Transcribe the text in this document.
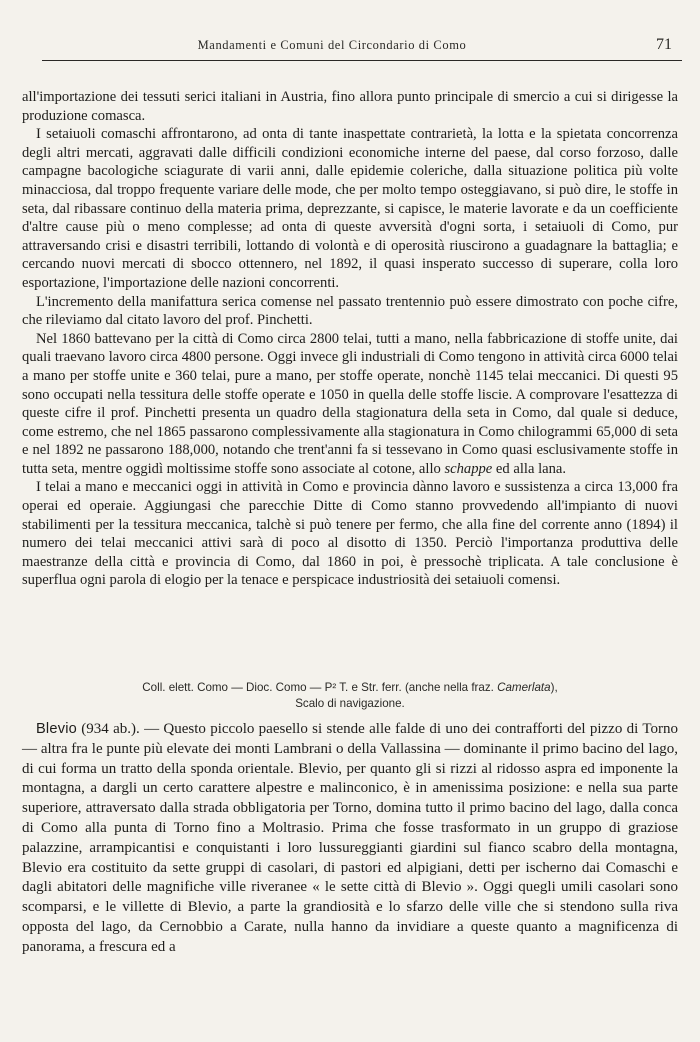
Mandamenti e Comuni del Circondario di Como	71

all'importazione dei tessuti serici italiani in Austria, fino allora punto principale di smercio a cui si dirigesse la produzione comasca.

I setaiuoli comaschi affrontarono, ad onta di tante inaspettate contrarietà, la lotta e la spietata concorrenza degli altri mercati, aggravati dalle difficili condizioni economiche interne del paese, dal corso forzoso, dalle campagne bacologiche sciagurate di varii anni, dalle epidemie coleriche, dalla situazione politica più volte minacciosa, dal troppo frequente variare delle mode, che per molto tempo osteggiavano, si può dire, le stoffe in seta, dal ribassare continuo della materia prima, deprezzante, si capisce, le materie lavorate e da un coefficiente d'altre cause più o meno complesse; ad onta di queste avversità d'ogni sorta, i setaiuoli di Como, pur attraversando crisi e disastri terribili, lottando di volontà e di operosità riuscirono a guadagnare la battaglia; e cercando nuovi mercati di sbocco ottennero, nel 1892, il quasi insperato successo di superare, colla loro esportazione, l'importazione delle nazioni concorrenti.

L'incremento della manifattura serica comense nel passato trentennio può essere dimostrato con poche cifre, che rileviamo dal citato lavoro del prof. Pinchetti.

Nel 1860 battevano per la città di Como circa 2800 telai, tutti a mano, nella fabbricazione di stoffe unite, dai quali traevano lavoro circa 4800 persone. Oggi invece gli industriali di Como tengono in attività circa 6000 telai a mano per stoffe unite e 360 telai, pure a mano, per stoffe operate, nonchè 1145 telai meccanici. Di questi 95 sono occupati nella tessitura delle stoffe operate e 1050 in quella delle stoffe liscie. A comprovare l'esattezza di queste cifre il prof. Pinchetti presenta un quadro della stagionatura della seta in Como, dal quale si deduce, come estremo, che nel 1865 passarono complessivamente alla stagionatura in Como chilogrammi 65,000 di seta e nel 1892 ne passarono 188,000, notando che trent'anni fa si tessevano in Como quasi esclusivamente stoffe in tutta seta, mentre oggidì moltissime stoffe sono associate al cotone, allo schappe ed alla lana.

I telai a mano e meccanici oggi in attività in Como e provincia dànno lavoro e sussistenza a circa 13,000 fra operai ed operaie. Aggiungasi che parecchie Ditte di Como stanno provvedendo all'impianto di nuovi stabilimenti per la tessitura meccanica, talchè si può tenere per fermo, che alla fine del corrente anno (1894) il numero dei telai meccanici attivi sarà di poco al disotto di 1350. Perciò l'importanza produttiva delle maestranze della città e provincia di Como, dal 1860 in poi, è pressochè triplicata. A tale conclusione è superflua ogni parola di elogio per la tenace e perspicace industriosità dei setaiuoli comensi.

Coll. elett. Como — Dioc. Como — P² T. e Str. ferr. (anche nella fraz. Camerlata),
Scalo di navigazione.

Blevio (934 ab.). — Questo piccolo paesello si stende alle falde di uno dei contrafforti del pizzo di Torno — altra fra le punte più elevate dei monti Lambrani o della Vallassina — dominante il primo bacino del lago, di cui forma un tratto della sponda orientale. Blevio, per quanto gli si rizzi al ridosso aspra ed imponente la montagna, a dargli un certo carattere alpestre e malinconico, è in amenissima posizione: e nella sua parte superiore, attraversato dalla strada obbligatoria per Torno, domina tutto il primo bacino del lago, dalla conca di Como alla punta di Torno fino a Moltrasio. Prima che fosse trasformato in un gruppo di graziose palazzine, arrampicantisi e conquistanti i loro lussureggianti giardini sul fianco scabro della montagna, Blevio era costituito da sette gruppi di casolari, di pastori ed alpigiani, detti per ischerno dai Comaschi e dagli abitatori delle magnifiche ville riveranee « le sette città di Blevio ». Oggi quegli umili casolari sono scomparsi, e le villette di Blevio, a parte la grandiosità e lo sfarzo delle ville che si stendono sulla riva opposta del lago, da Cernobbio a Carate, nulla hanno da invidiare a queste quanto a magnificenza di panorama, a frescura ed a
